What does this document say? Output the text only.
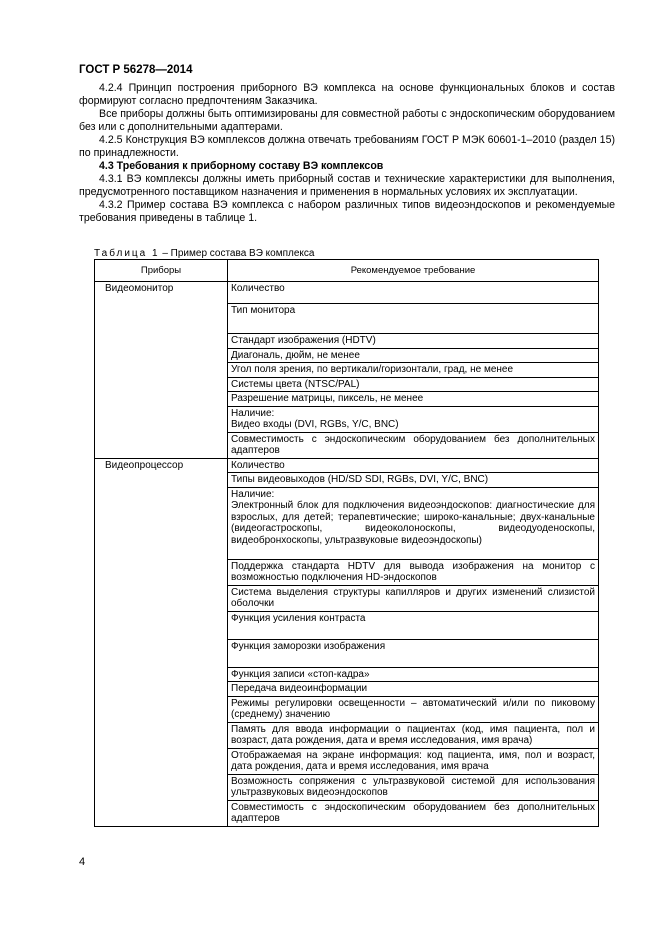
ГОСТ Р 56278—2014

4.2.4 Принцип построения приборного ВЭ комплекса на основе функциональных блоков и состав формируют согласно предпочтениям Заказчика.

Все приборы должны быть оптимизированы для совместной работы с эндоскопическим оборудованием без или с дополнительными адаптерами.

4.2.5 Конструкция ВЭ комплексов должна отвечать требованиям ГОСТ Р МЭК 60601-1–2010 (раздел 15) по принадлежности.

4.3 Требования к приборному составу ВЭ комплексов

4.3.1 ВЭ комплексы должны иметь приборный состав и технические характеристики для выполнения, предусмотренного поставщиком назначения и применения в нормальных условиях их эксплуатации.

4.3.2 Пример состава ВЭ комплекса с набором различных типов видеоэндоскопов и рекомендуемые требования приведены в таблице 1.

Таблица 1 – Пример состава ВЭ комплекса
Приборы	Рекомендуемое требование
Видеомонитор	Количество
	Тип монитора
	Стандарт изображения (HDTV)
	Диагональ, дюйм, не менее
	Угол поля зрения, по вертикали/горизонтали, град, не менее
	Системы цвета (NTSC/PAL)
	Разрешение матрицы, пиксель, не менее
	Наличие:
Видео входы (DVI, RGBs, Y/C, BNC)
	Совместимость с эндоскопическим оборудованием без дополнительных адаптеров
Видеопроцессор	Количество
	Типы видеовыходов (HD/SD SDI, RGBs, DVI, Y/C, BNC)
	Наличие:
Электронный блок для подключения видеоэндоскопов: диагностические для взрослых, для детей; терапевтические; широко-канальные; двух-канальные (видеогастроскопы, видеоколоноскопы, видеодуоденоскопы, видеобронхоскопы, ультразвуковые видеоэндоскопы)
	Поддержка стандарта HDTV для вывода изображения на монитор с возможностью подключения HD-эндоскопов
	Система выделения структуры капилляров и других изменений слизистой оболочки
	Функция усиления контраста
	Функция заморозки изображения
	Функция записи «стоп-кадра»
	Передача видеоинформации
	Режимы регулировки освещенности – автоматический и/или по пиковому (среднему) значению
	Память для ввода информации о пациентах (код, имя пациента, пол и возраст, дата рождения, дата и время исследования, имя врача)
	Отображаемая на экране информация: код пациента, имя, пол и возраст, дата рождения, дата и время исследования, имя врача
	Возможность сопряжения с ультразвуковой системой для использования ультразвуковых видеоэндоскопов
	Совместимость с эндоскопическим оборудованием без дополнительных адаптеров
4
